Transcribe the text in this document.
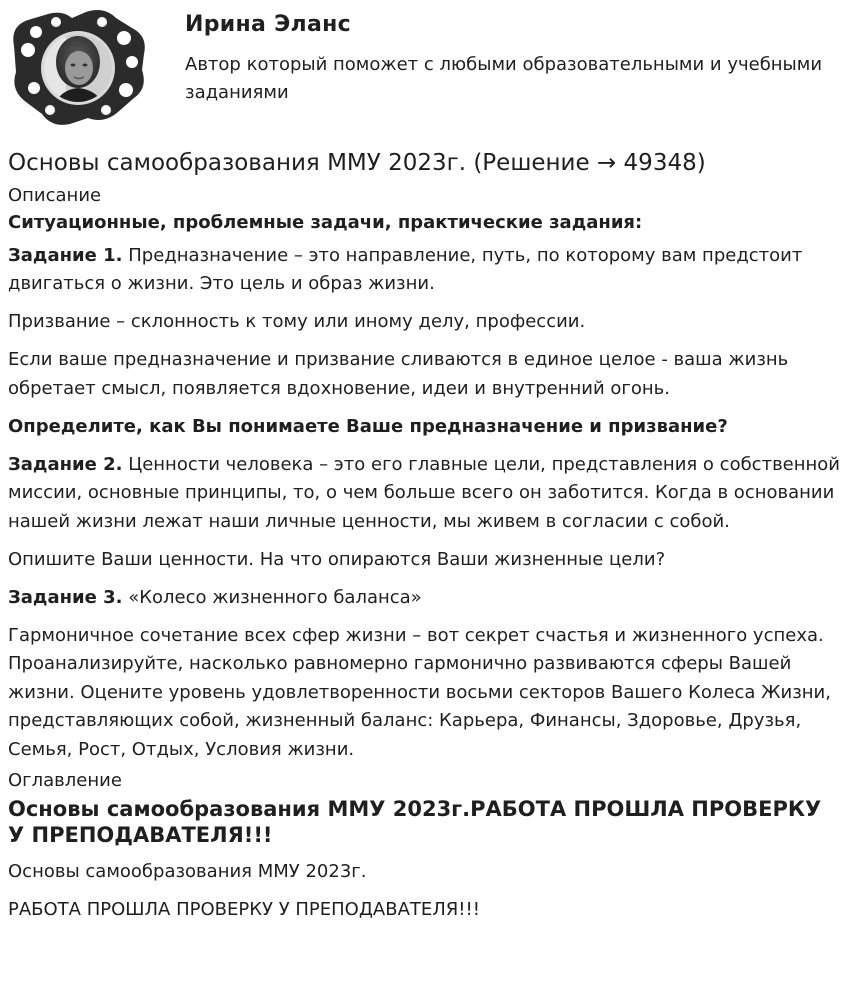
Ирина Эланс
Автор который поможет с любыми образовательными и учебными заданиями
Основы самообразования ММУ 2023г. (Решение → 49348)
Описание

Ситуационные, проблемные задачи, практические задания:

Задание 1. Предназначение – это направление, путь, по которому вам предстоит двигаться о жизни. Это цель и образ жизни.

Призвание – склонность к тому или иному делу, профессии.

Если ваше предназначение и призвание сливаются в единое целое - ваша жизнь обретает смысл, появляется вдохновение, идеи и внутренний огонь.

Определите, как Вы понимаете Ваше предназначение и призвание?

Задание 2. Ценности человека – это его главные цели, представления о собственной миссии, основные принципы, то, о чем больше всего он заботится. Когда в основании нашей жизни лежат наши личные ценности, мы живем в согласии с собой.

Опишите Ваши ценности. На что опираются Ваши жизненные цели?

Задание 3. «Колесо жизненного баланса»

Гармоничное сочетание всех сфер жизни – вот секрет счастья и жизненного успеха. Проанализируйте, насколько равномерно гармонично развиваются сферы Вашей жизни. Оцените уровень удовлетворенности восьми секторов Вашего Колеса Жизни, представляющих собой, жизненный баланс: Карьера, Финансы, Здоровье, Друзья, Семья, Рост, Отдых, Условия жизни.

Оглавление
Основы самообразования ММУ 2023г.РАБОТА ПРОШЛА ПРОВЕРКУ У ПРЕПОДАВАТЕЛЯ!!!

Основы самообразования ММУ 2023г.

РАБОТА ПРОШЛА ПРОВЕРКУ У ПРЕПОДАВАТЕЛЯ!!!
